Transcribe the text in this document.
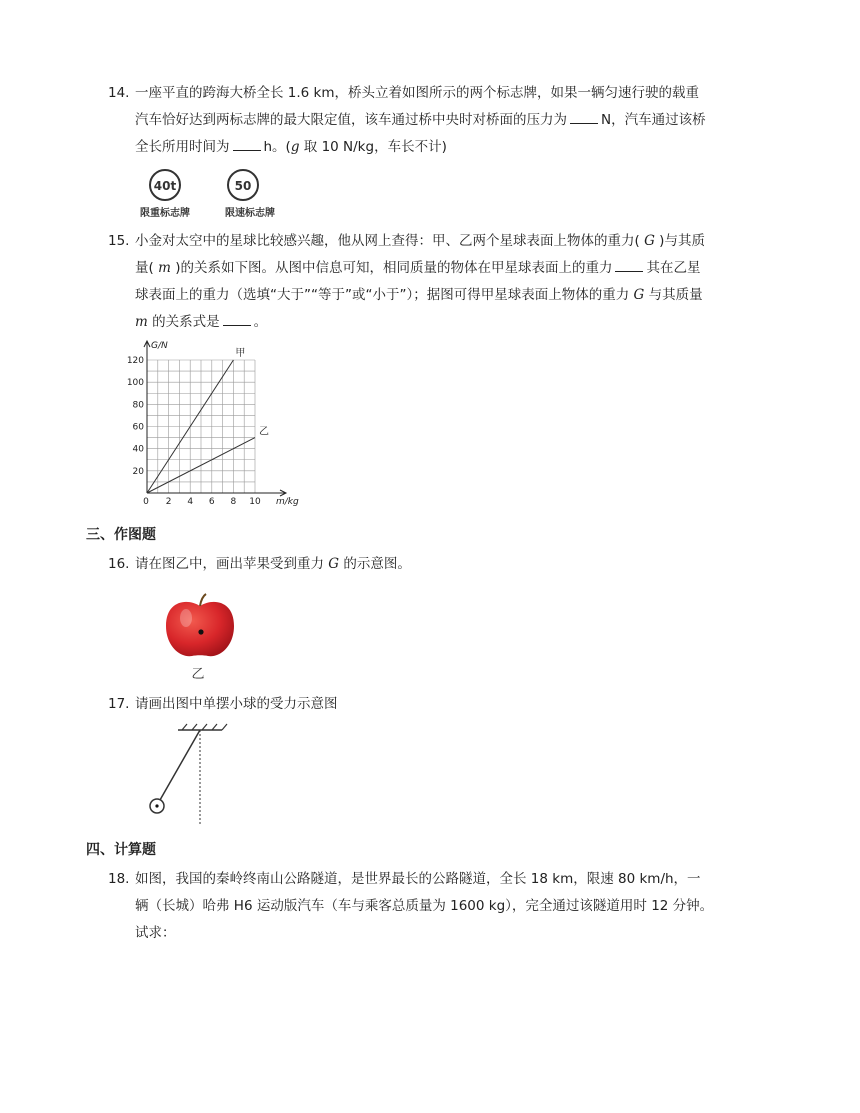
14. 一座平直的跨海大桥全长 1.6 km，桥头立着如图所示的两个标志牌，如果一辆匀速行驶的载重
汽车恰好达到两标志牌的最大限定值，该车通过桥中央时对桥面的压力为	N，汽车通过该桥
全长所用时间为	h。(g 取 10 N/kg，车长不计)
40t
限重标志牌
50
限速标志牌
15. 小金对太空中的星球比较感兴趣，他从网上查得：甲、乙两个星球表面上物体的重力( G )与其质
量( m )的关系如下图。从图中信息可知，相同质量的物体在甲星球表面上的重力	其在乙星
球表面上的重力（选填“大于”“等于”或“小于”）；据图可得甲星球表面上物体的重力 G 与其质量
m 的关系式是	。
G/N
m/kg
20
40
60
80
100
120
0 2 4 6 8 10
甲
乙
三、作图题
16. 请在图乙中，画出苹果受到重力 G 的示意图。
乙
17. 请画出图中单摆小球的受力示意图
四、计算题
18. 如图，我国的秦岭终南山公路隧道，是世界最长的公路隧道，全长 18 km，限速 80 km/h，一
辆（长城）哈弗 H6 运动版汽车（车与乘客总质量为 1600 kg），完全通过该隧道用时 12 分钟。
试求：
